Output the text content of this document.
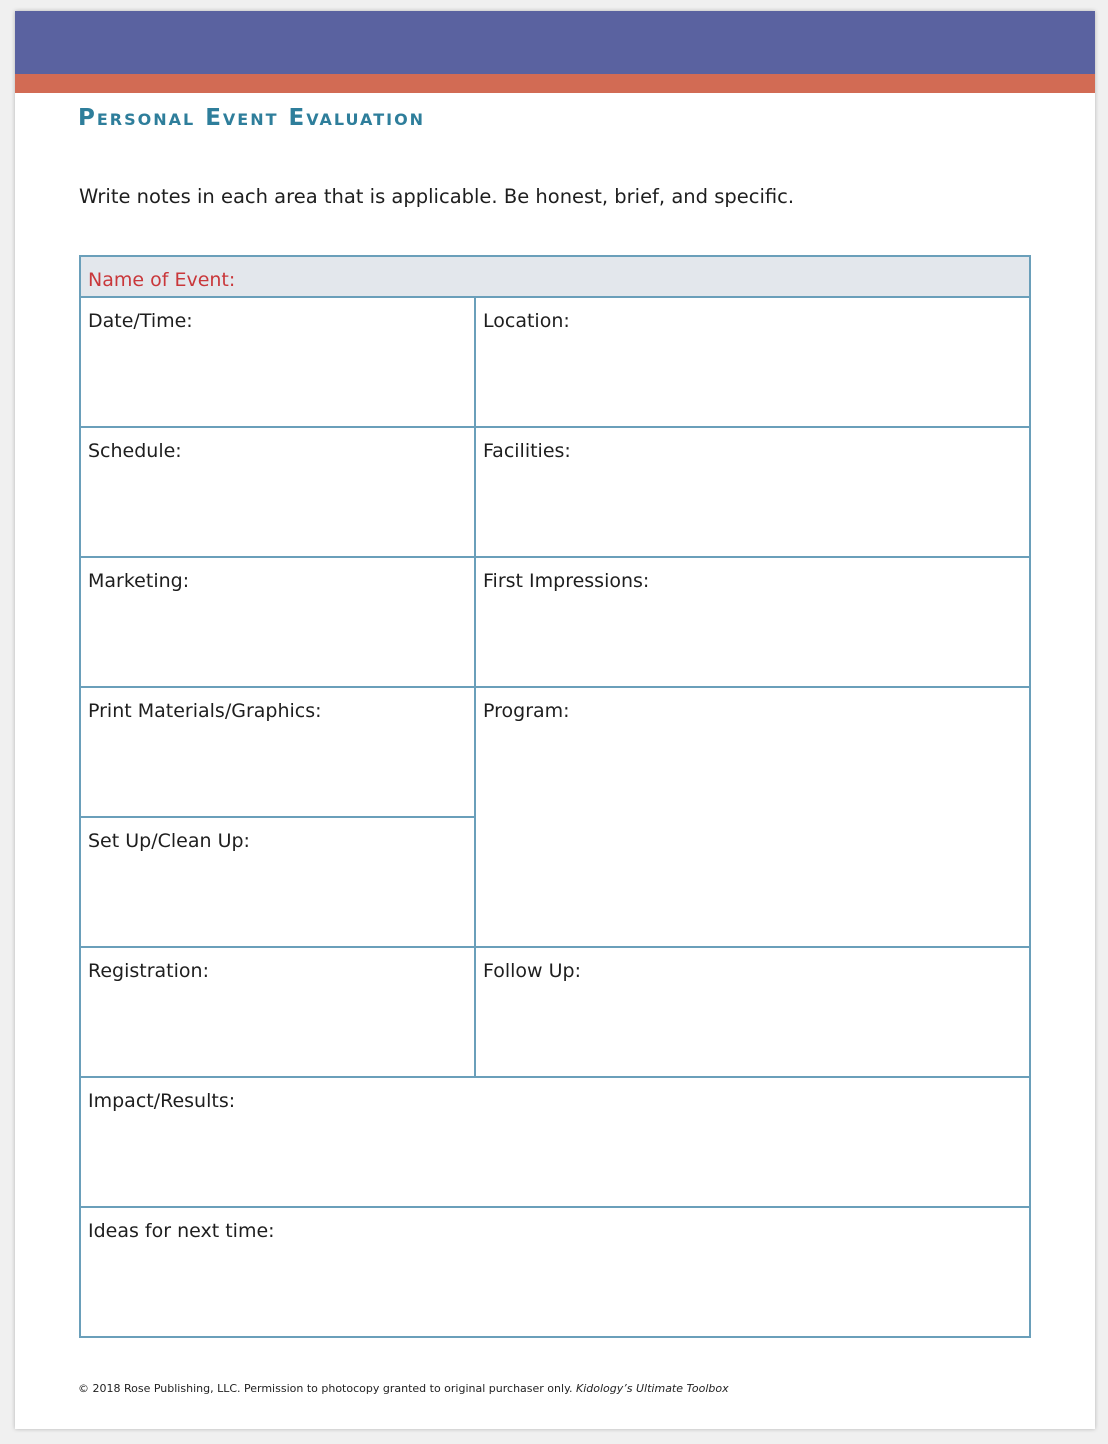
Personal Event Evaluation
Write notes in each area that is applicable. Be honest, brief, and specific.
Name of Event:
Date/Time:	Location:
Schedule:	Facilities:
Marketing:	First Impressions:
Print Materials/Graphics:	Program:
Set Up/Clean Up:
Registration:	Follow Up:
Impact/Results:
Ideas for next time:
© 2018 Rose Publishing, LLC. Permission to photocopy granted to original purchaser only. Kidology’s Ultimate Toolbox
